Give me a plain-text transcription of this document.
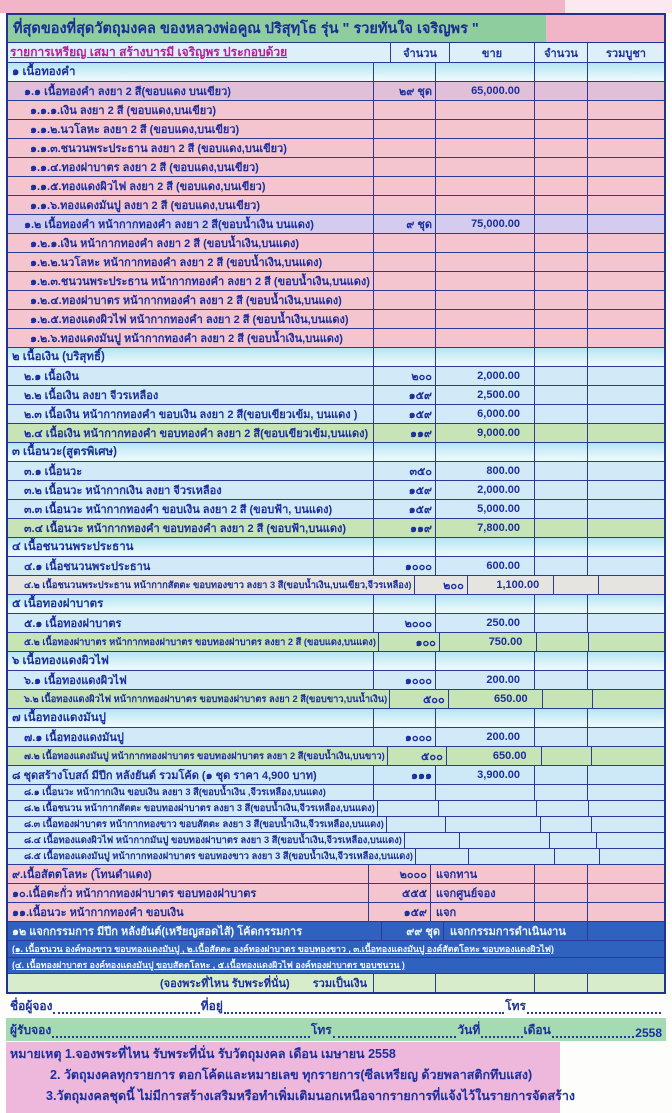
ที่สุดของที่สุดวัตถุมงคล ของหลวงพ่อคูณ ปริสุทฺโธ รุ่น " รวยทันใจ เจริญพร "
รายการเหรียญ เสมา สร้างบารมี เจริญพร ประกอบด้วย	จำนวน	ขาย	จำนวน	รวมบูชา
๑ เนื้อทองคำ
๑.๑ เนื้อทองคำ ลงยา 2 สี(ขอบแดง บนเขียว)	๒๙ ชุด	65,000.00
๑.๑.๑.เงิน ลงยา 2 สี (ขอบแดง,บนเขียว)
๑.๑.๒.นวโลหะ ลงยา 2 สี (ขอบแดง,บนเขียว)
๑.๑.๓.ชนวนพระประธาน ลงยา 2 สี (ขอบแดง,บนเขียว)
๑.๑.๔.ทองฝาบาตร ลงยา 2 สี (ขอบแดง,บนเขียว)
๑.๑.๕.ทองแดงผิวไฟ ลงยา 2 สี (ขอบแดง,บนเขียว)
๑.๑.๖.ทองแดงมันปู ลงยา 2 สี (ขอบแดง,บนเขียว)
๑.๒ เนื้อทองคำ หน้ากากทองคำ ลงยา 2 สี(ขอบน้ำเงิน บนแดง)	๙ ชุด	75,000.00
๑.๒.๑.เงิน หน้ากากทองคำ ลงยา 2 สี (ขอบน้ำเงิน,บนแดง)
๑.๒.๒.นวโลหะ หน้ากากทองคำ ลงยา 2 สี (ขอบน้ำเงิน,บนแดง)
๑.๒.๓.ชนวนพระประธาน หน้ากากทองคำ ลงยา 2 สี (ขอบน้ำเงิน,บนแดง)
๑.๒.๔.ทองฝาบาตร หน้ากากทองคำ ลงยา 2 สี (ขอบน้ำเงิน,บนแดง)
๑.๒.๕.ทองแดงผิวไฟ หน้ากากทองคำ ลงยา 2 สี (ขอบน้ำเงิน,บนแดง)
๑.๒.๖.ทองแดงมันปู หน้ากากทองคำ ลงยา 2 สี (ขอบน้ำเงิน,บนแดง)
๒ เนื้อเงิน (บริสุทธิ์)
๒.๑ เนื้อเงิน	๒๐๐	2,000.00
๒.๒ เนื้อเงิน ลงยา จีวรเหลือง	๑๕๙	2,500.00
๒.๓ เนื้อเงิน หน้ากากทองคำ ขอบเงิน ลงยา 2 สี(ขอบเขียวเข้ม, บนแดง )	๑๕๙	6,000.00
๒.๔ เนื้อเงิน หน้ากากทองคำ ขอบทองคำ ลงยา 2 สี(ขอบเขียวเข้ม,บนแดง)	๑๑๙	9,000.00
๓ เนื้อนวะ(สูตรพิเศษ)
๓.๑ เนื้อนวะ	๓๕๐	800.00
๓.๒ เนื้อนวะ หน้ากากเงิน ลงยา จีวรเหลือง	๑๕๙	2,000.00
๓.๓ เนื้อนวะ หน้ากากทองคำ ขอบเงิน ลงยา 2 สี (ขอบฟ้า, บนแดง)	๑๕๙	5,000.00
๓.๔ เนื้อนวะ หน้ากากทองคำ ขอบทองคำ ลงยา 2 สี (ขอบฟ้า,บนแดง)	๑๑๙	7,800.00
๔ เนื้อชนวนพระประธาน
๔.๑ เนื้อชนวนพระประธาน	๑๐๐๐	600.00
๔.๒ เนื้อชนวนพระประธาน หน้ากากสัตตะ ขอบทองขาว ลงยา 3 สี(ขอบน้ำเงิน,บนเขียว,จีวรเหลือง)	๒๐๐	1,100.00
๕ เนื้อทองฝาบาตร
๕.๑ เนื้อทองฝาบาตร	๒๐๐๐	250.00
๕.๒ เนื้อทองฝาบาตร หน้ากากทองฝาบาตร ขอบทองฝาบาตร ลงยา 2 สี (ขอบแดง,บนแดง)	๑๐๐	750.00
๖ เนื้อทองแดงผิวไฟ
๖.๑ เนื้อทองแดงผิวไฟ	๑๐๐๐	200.00
๖.๒ เนื้อทองแดงผิวไฟ หน้ากากทองฝาบาตร ขอบทองฝาบาตร ลงยา 2 สี(ขอบขาว,บนน้ำเงิน)	๕๐๐	650.00
๗ เนื้อทองแดงมันปู
๗.๑ เนื้อทองแดงมันปู	๑๐๐๐	200.00
๗.๒ เนื้อทองแดงมันปู หน้ากากทองฝาบาตร ขอบทองฝาบาตร ลงยา 2 สี(ขอบน้ำเงิน,บนขาว)	๕๐๐	650.00
๘ ชุดสร้างโบสถ์ มีปีก หลังยันต์ รวมโค้ด (๑ ชุด ราคา 4,900 บาท)	๑๑๑	3,900.00
๘.๑ เนื้อนวะ หน้ากากเงิน ขอบเงิน ลงยา 3 สี(ขอบน้ำเงิน ,จีวรเหลือง,บนแดง)
๘.๒ เนื้อชนวน หน้ากากสัตตะ ขอบทองฝาบาตร ลงยา 3 สี(ขอบน้ำเงิน,จีวรเหลือง,บนแดง)
๘.๓ เนื้อทองฝาบาตร หน้ากากทองขาว ขอบสัตตะ ลงยา 3 สี(ขอบน้ำเงิน,จีวรเหลือง,บนแดง)
๘.๔ เนื้อทองแดงผิวไฟ หน้ากากมันปู ขอบทองฝาบาตร ลงยา 3 สี(ขอบน้ำเงิน,จีวรเหลือง,บนแดง)
๘.๕ เนื้อทองแดงมันปู หน้ากากทองฝาบาตร ขอบทองขาว ลงยา 3 สี(ขอบน้ำเงิน,จีวรเหลือง,บนแดง)
๙.เนื้อสัตตโลหะ (โทนดำแดง)	๒๐๐๐ แจกทาน
๑๐.เนื้อตะกั่ว หน้ากากทองฝาบาตร ขอบทองฝาบาตร	๕๕๕ แจกศูนย์จอง
๑๑.เนื้อนวะ หน้ากากทองคำ ขอบเงิน	๑๕๙ แจก
๑๒ แจกกรรมการ มีปีก หลังยันต์(เหรียญสอดไส้) โค้ดกรรมการ	๙๙ ชุด แจกกรรมการดำเนินงาน
(๑. เนื้อชนวน องค์ทองขาว ขอบทองแดงมันปู , ๒.เนื้อสัตตะ องค์ทองฝาบาตร ขอบทองขาว , ๓.เนื้อทองแดงมันปู องค์สัตตโลหะ ขอบทองแดงผิวไฟ)
(๔. เนื้อทองฝาบาตร องค์ทองแดงมันปู ขอบสัตตโลหะ , ๕.เนื้อทองแดงผิวไฟ องค์ทองฝาบาตร ขอบชนวน )
(จองพระที่ไหน รับพระที่นั่น) รวมเป็นเงิน
ชื่อผู้จอง	ที่อยู่	โทร
ผู้รับจอง	โทร	วันที่	เดือน	2558
หมายเหตุ 1.จองพระที่ไหน รับพระที่นั่น รับวัตถุมงคล เดือน เมษายน 2558
2. วัตถุมงคลทุกรายการ ตอกโค้ดและหมายเลข ทุกรายการ(ซีลเหรียญ ด้วยพลาสติกทึบแสง)
3.วัตถุมงคลชุดนี้ ไม่มีการสร้างเสริมหรือทำเพิ่มเติมนอกเหนือจากรายการที่แจ้งไว้ในรายการจัดสร้าง
